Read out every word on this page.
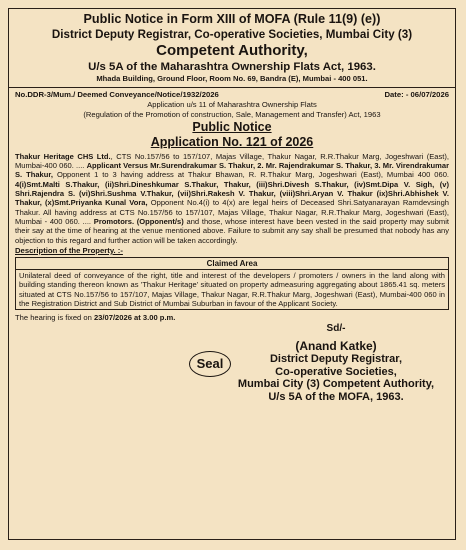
Public Notice in Form XIII of MOFA (Rule 11(9) (e))
District Deputy Registrar, Co-operative Societies, Mumbai City (3)
Competent Authority,
U/s 5A of the Maharashtra Ownership Flats Act, 1963.
Mhada Building, Ground Floor, Room No. 69, Bandra (E), Mumbai - 400 051.
No.DDR-3/Mum./ Deemed Conveyance/Notice/1932/2026	Date: - 06/07/2026
Application u/s 11 of Maharashtra Ownership Flats
(Regulation of the Promotion of construction, Sale, Management and Transfer) Act, 1963
Public Notice
Application No. 121 of 2026

Thakur Heritage CHS Ltd., CTS No.157/56 to 157/107, Majas Village, Thakur Nagar, R.R.Thakur Marg, Jogeshwari (East), Mumbai-400 060. .... Applicant Versus Mr.Surendrakumar S. Thakur, 2. Mr. Rajendrakumar S. Thakur, 3. Mr. Virendrakumar S. Thakur, Opponent 1 to 3 having address at Thakur Bhawan, R. R.Thakur Marg, Jogeshwari (East), Mumbai 400 060. 4(i)Smt.Malti S.Thakur, (ii)Shri.Dineshkumar S.Thakur, Thakur, (iii)Shri.Divesh S.Thakur, (iv)Smt.Dipa V. Sigh, (v) Shri.Rajendra S. (vi)Shri.Sushma V.Thakur, (vii)Shri.Rakesh V. Thakur, (viii)Shri.Aryan V. Thakur (ix)Shri.Abhishek V. Thakur, (x)Smt.Priyanka Kunal Vora, Opponent No.4(i) to 4(x) are legal heirs of Deceased Shri.Satyanarayan Ramdevsingh Thakur. All having address at CTS No.157/56 to 157/107, Majas Village, Thakur Nagar, R.R.Thakur Marg, Jogeshwari (East), Mumbai - 400 060. .... Promotors. (Opponent/s) and those, whose interest have been vested in the said property may submit their say at the time of hearing at the venue mentioned above. Failure to submit any say shall be presumed that nobody has any objection to this regard and further action will be taken accordingly.

Description of the Property. :-
Claimed Area
Unilateral deed of conveyance of the right, title and interest of the developers / promoters / owners in the land along with building standing thereon known as 'Thakur Heritage' situated on property admeasuring aggregating about 1865.41 sq. meters situated at CTS No.157/56 to 157/107, Majas Village, Thakur Nagar, R.R.Thakur Marg, Jogeshwari (East), Mumbai-400 060 in the Registration District and Sub District of Mumbai Suburban in favour of the Applicant Society.
The hearing is fixed on 23/07/2026 at 3.00 p.m.
Seal
Sd/-
(Anand Katke)
District Deputy Registrar,
Co-operative Societies,
Mumbai City (3) Competent Authority,
U/s 5A of the MOFA, 1963.
